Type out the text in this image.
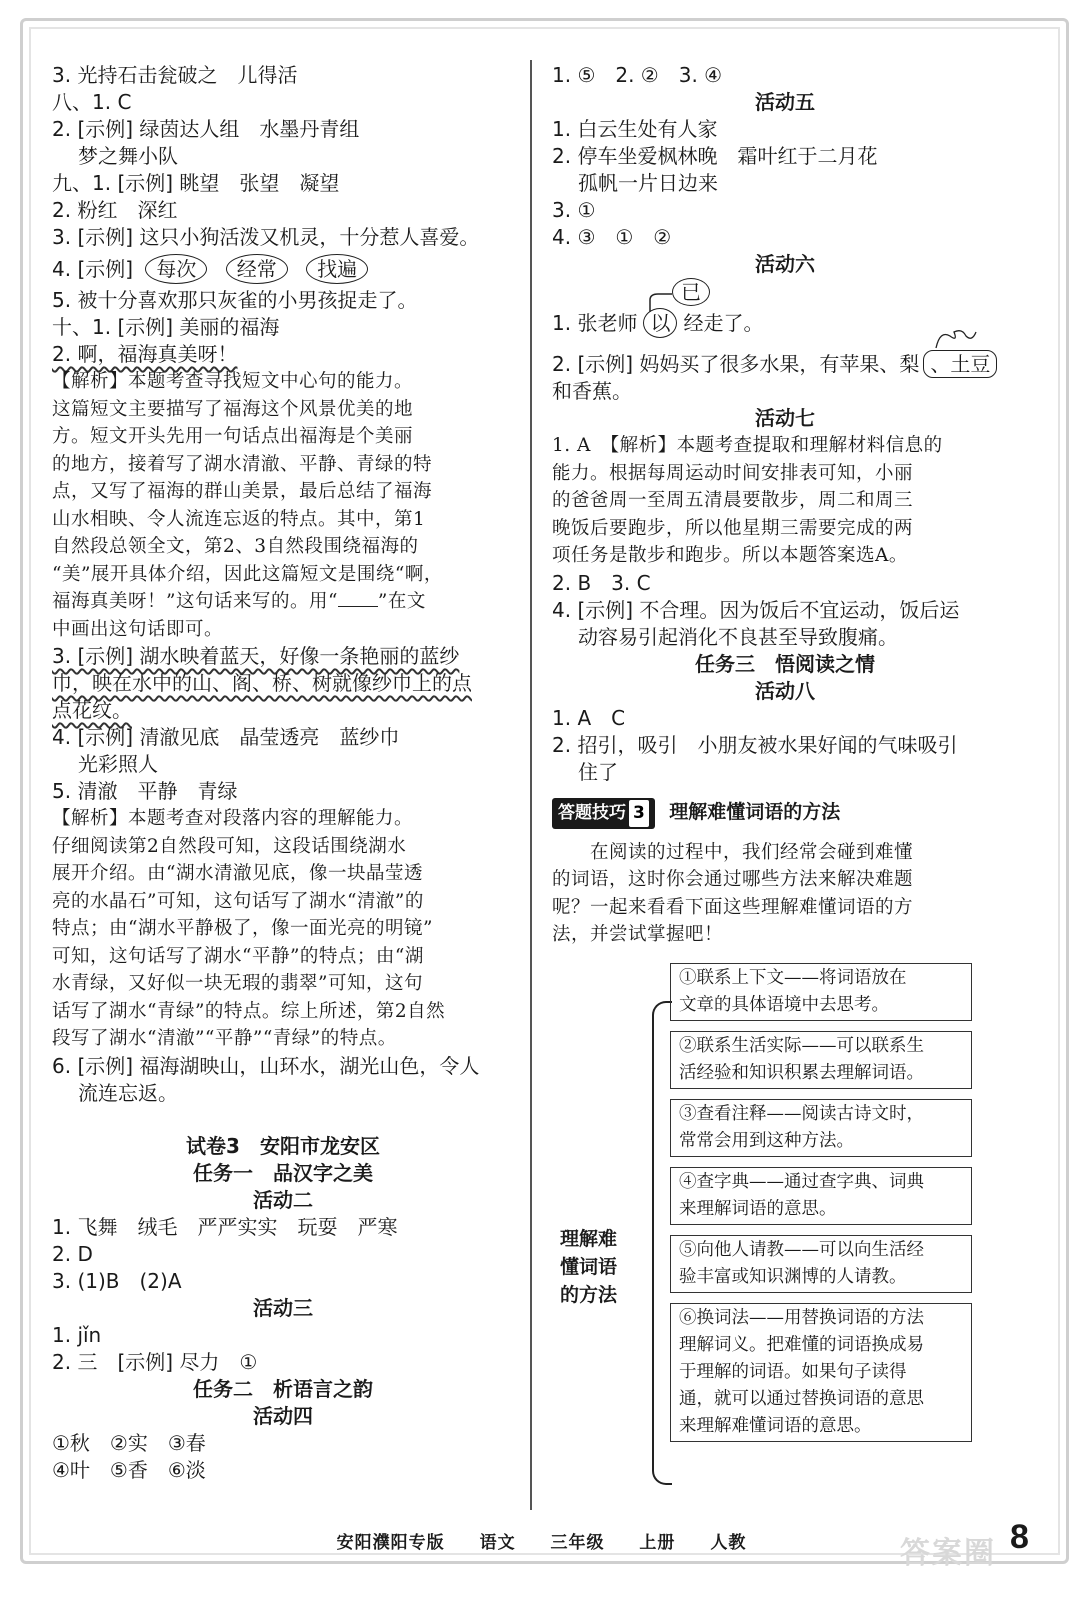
3. 光持石击瓮破之　儿得活
八、1. C
2. [示例] 绿茵达人组　水墨丹青组
梦之舞小队
九、1. [示例] 眺望　张望　凝望
2. 粉红　深红
3. [示例] 这只小狗活泼又机灵，十分惹人喜爱。
4. [示例] 每次 经常 找遍
5. 被十分喜欢那只灰雀的小男孩捉走了。
十、1. [示例] 美丽的福海
2. 啊，福海真美呀！
【解析】本题考查寻找短文中心句的能力。
这篇短文主要描写了福海这个风景优美的地
方。短文开头先用一句话点出福海是个美丽
的地方，接着写了湖水清澈、平静、青绿的特
点，又写了福海的群山美景，最后总结了福海
山水相映、令人流连忘返的特点。其中，第1
自然段总领全文，第2、3自然段围绕福海的
“美”展开具体介绍，因此这篇短文是围绕“啊，
福海真美呀！”这句话来写的。用“ ”在文
中画出这句话即可。
3. [示例] 湖水映着蓝天，好像一条艳丽的蓝纱
巾，映在水中的山、阁、桥、树就像纱巾上的点
点花纹。
4. [示例] 清澈见底　晶莹透亮　蓝纱巾
光彩照人
5. 清澈　平静　青绿
【解析】本题考查对段落内容的理解能力。
仔细阅读第2自然段可知，这段话围绕湖水
展开介绍。由“湖水清澈见底，像一块晶莹透
亮的水晶石”可知，这句话写了湖水“清澈”的
特点；由“湖水平静极了，像一面光亮的明镜”
可知，这句话写了湖水“平静”的特点；由“湖
水青绿，又好似一块无瑕的翡翠”可知，这句
话写了湖水“青绿”的特点。综上所述，第2自然
段写了湖水“清澈”“平静”“青绿”的特点。
6. [示例] 福海湖映山，山环水，湖光山色，令人
流连忘返。
试卷3　安阳市龙安区
任务一　品汉字之美
活动二
1. 飞舞　绒毛　严严实实　玩耍　严寒
2. D
3. (1)B　(2)A
活动三
1. jǐn
2. 三　[示例] 尽力　①
任务二　析语言之韵
活动四
①秋　②实　③春
④叶　⑤香　⑥淡
1. ⑤　2. ②　3. ④
活动五
1. 白云生处有人家
2. 停车坐爱枫林晚　霜叶红于二月花
孤帆一片日边来
3. ①
4. ③　①　②
活动六
已
1. 张老师 以 经走了。
2. [示例] 妈妈买了很多水果，有苹果、梨 、土豆
和香蕉。
活动七
1. A　【解析】本题考查提取和理解材料信息的
能力。根据每周运动时间安排表可知，小丽
的爸爸周一至周五清晨要散步，周二和周三
晚饭后要跑步，所以他星期三需要完成的两
项任务是散步和跑步。所以本题答案选A。
2. B　3. C
4. [示例] 不合理。因为饭后不宜运动，饭后运
动容易引起消化不良甚至导致腹痛。
任务三　悟阅读之情
活动八
1. A　C
2. 招引，吸引　小朋友被水果好闻的气味吸引
住了
答题技巧 3 理解难懂词语的方法
　　在阅读的过程中，我们经常会碰到难懂
的词语，这时你会通过哪些方法来解决难题
呢？一起来看看下面这些理解难懂词语的方
法，并尝试掌握吧！
理解难
懂词语
的方法
①联系上下文——将词语放在
文章的具体语境中去思考。
②联系生活实际——可以联系生
活经验和知识积累去理解词语。
③查看注释——阅读古诗文时，
常常会用到这种方法。
④查字典——通过查字典、词典
来理解词语的意思。
⑤向他人请教——可以向生活经
验丰富或知识渊博的人请教。
⑥换词法——用替换词语的方法
理解词义。把难懂的词语换成易
于理解的词语。如果句子读得
通，就可以通过替换词语的意思
来理解难懂词语的意思。
安阳濮阳专版 语文 三年级 上册 人教	答案圈 8
